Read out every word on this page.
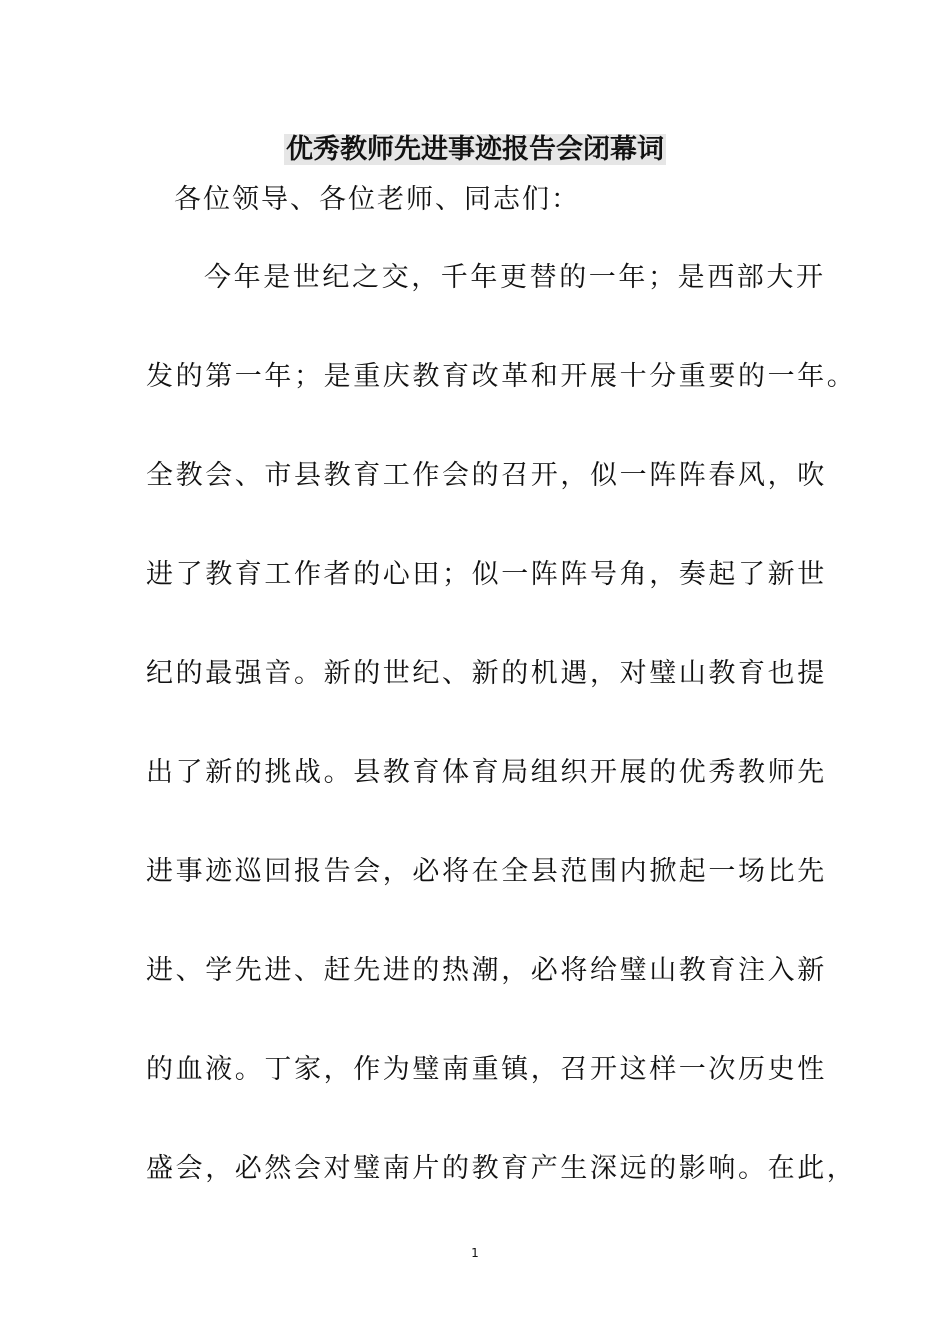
优秀教师先进事迹报告会闭幕词
各位领导、各位老师、同志们：
今年是世纪之交，千年更替的一年；是西部大开
发的第一年；是重庆教育改革和开展十分重要的一年。
全教会、市县教育工作会的召开，似一阵阵春风，吹
进了教育工作者的心田；似一阵阵号角，奏起了新世
纪的最强音。新的世纪、新的机遇，对璧山教育也提
出了新的挑战。县教育体育局组织开展的优秀教师先
进事迹巡回报告会，必将在全县范围内掀起一场比先
进、学先进、赶先进的热潮，必将给璧山教育注入新
的血液。丁家，作为璧南重镇，召开这样一次历史性
盛会，必然会对璧南片的教育产生深远的影响。在此，
1
